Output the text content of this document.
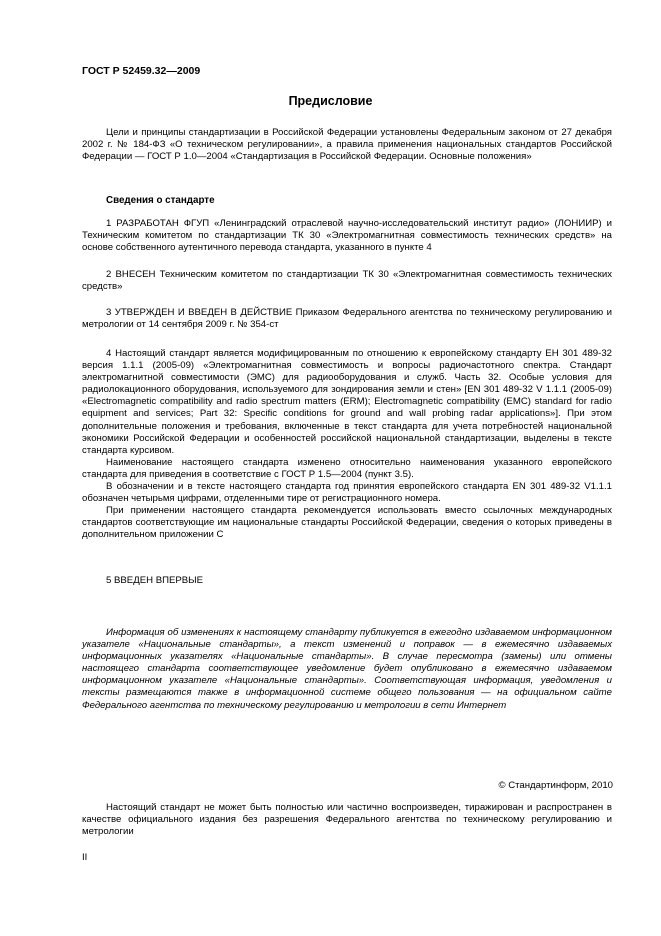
ГОСТ Р 52459.32—2009
Предисловие

Цели и принципы стандартизации в Российской Федерации установлены Федеральным законом от 27 декабря 2002 г. № 184-ФЗ «О техническом регулировании», а правила применения национальных стандартов Российской Федерации — ГОСТ Р 1.0—2004 «Стандартизация в Российской Федерации. Основные положения»

Сведения о стандарте

1 РАЗРАБОТАН ФГУП «Ленинградский отраслевой научно-исследовательский институт радио» (ЛОНИИР) и Техническим комитетом по стандартизации ТК 30 «Электромагнитная совместимость технических средств» на основе собственного аутентичного перевода стандарта, указанного в пункте 4

2 ВНЕСЕН Техническим комитетом по стандартизации ТК 30 «Электромагнитная совместимость технических средств»

3 УТВЕРЖДЕН И ВВЕДЕН В ДЕЙСТВИЕ Приказом Федерального агентства по техническому регулированию и метрологии от 14 сентября 2009 г. № 354-ст

4 Настоящий стандарт является модифицированным по отношению к европейскому стандарту ЕН 301 489-32 версия 1.1.1 (2005-09) «Электромагнитная совместимость и вопросы радиочастотного спектра. Стандарт электромагнитной совместимости (ЭМС) для радиооборудования и служб. Часть 32. Особые условия для радиолокационного оборудования, используемого для зондирования земли и стен» [EN 301 489-32 V 1.1.1 (2005-09) «Electromagnetic compatibility and radio spectrum matters (ERM); Electromagnetic compatibility (EMC) standard for radio equipment and services; Part 32: Specific conditions for ground and wall probing radar applications»]. При этом дополнительные положения и требования, включенные в текст стандарта для учета потребностей национальной экономики Российской Федерации и особенностей российской национальной стандартизации, выделены в тексте стандарта курсивом.

Наименование настоящего стандарта изменено относительно наименования указанного европейского стандарта для приведения в соответствие с ГОСТ Р 1.5—2004 (пункт 3.5).

В обозначении и в тексте настоящего стандарта год принятия европейского стандарта EN 301 489-32 V1.1.1 обозначен четырьмя цифрами, отделенными тире от регистрационного номера.

При применении настоящего стандарта рекомендуется использовать вместо ссылочных международных стандартов соответствующие им национальные стандарты Российской Федерации, сведения о которых приведены в дополнительном приложении С

5 ВВЕДЕН ВПЕРВЫЕ

Информация об изменениях к настоящему стандарту публикуется в ежегодно издаваемом информационном указателе «Национальные стандарты», а текст изменений и поправок — в ежемесячно издаваемых информационных указателях «Национальные стандарты». В случае пересмотра (замены) или отмены настоящего стандарта соответствующее уведомление будет опубликовано в ежемесячно издаваемом информационном указателе «Национальные стандарты». Соответствующая информация, уведомления и тексты размещаются также в информационной системе общего пользования — на официальном сайте Федерального агентства по техническому регулированию и метрологии в сети Интернет

© Стандартинформ, 2010

Настоящий стандарт не может быть полностью или частично воспроизведен, тиражирован и распространен в качестве официального издания без разрешения Федерального агентства по техническому регулированию и метрологии

II
